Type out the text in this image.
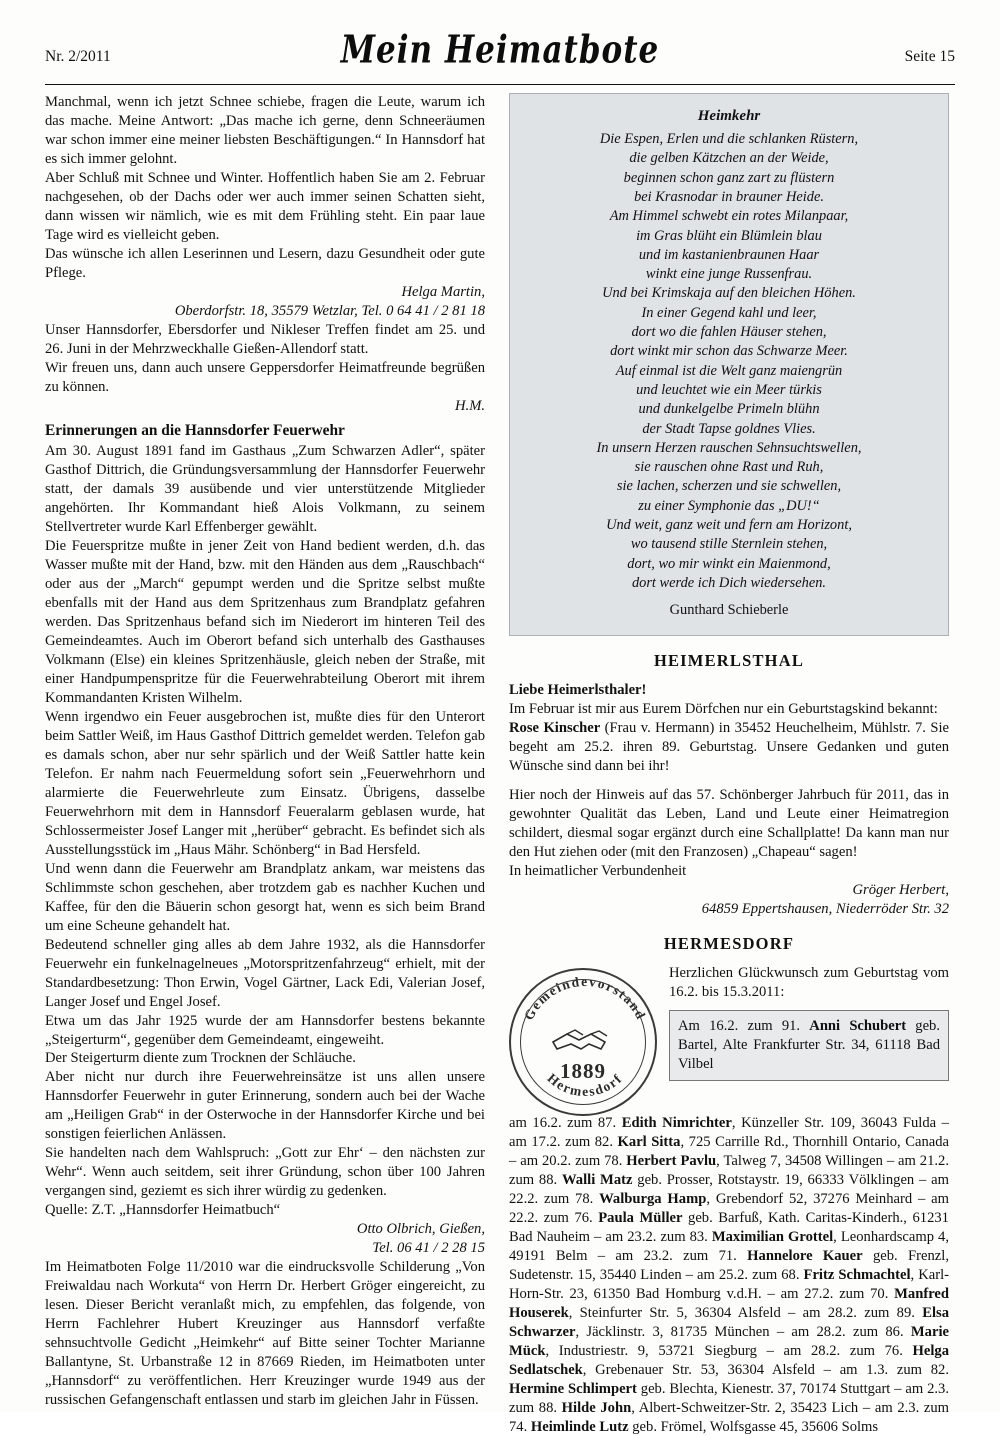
Nr. 2/2011	Mein Heimatbote	Seite 15

Manchmal, wenn ich jetzt Schnee schiebe, fragen die Leute, warum ich das mache. Meine Antwort: „Das mache ich gerne, denn Schneeräumen war schon immer eine meiner liebsten Beschäftigungen.“ In Hannsdorf hat es sich immer gelohnt.

Aber Schluß mit Schnee und Winter. Hoffentlich haben Sie am 2. Februar nachgesehen, ob der Dachs oder wer auch immer seinen Schatten sieht, dann wissen wir nämlich, wie es mit dem Frühling steht. Ein paar laue Tage wird es vielleicht geben.

Das wünsche ich allen Leserinnen und Lesern, dazu Gesundheit oder gute Pflege.

Helga Martin,

Oberdorfstr. 18, 35579 Wetzlar, Tel. 0 64 41 / 2 81 18

Unser Hannsdorfer, Ebersdorfer und Nikleser Treffen findet am 25. und 26. Juni in der Mehrzweckhalle Gießen-Allendorf statt.

Wir freuen uns, dann auch unsere Geppersdorfer Heimatfreunde begrüßen zu können.

H.M.

Erinnerungen an die Hannsdorfer Feuerwehr

Am 30. August 1891 fand im Gasthaus „Zum Schwarzen Adler“, später Gasthof Dittrich, die Gründungsversammlung der Hannsdorfer Feuerwehr statt, der damals 39 ausübende und vier unterstützende Mitglieder angehörten. Ihr Kommandant hieß Alois Volkmann, zu seinem Stellvertreter wurde Karl Effenberger gewählt.

Die Feuerspritze mußte in jener Zeit von Hand bedient werden, d.h. das Wasser mußte mit der Hand, bzw. mit den Händen aus dem „Rauschbach“ oder aus der „March“ gepumpt werden und die Spritze selbst mußte ebenfalls mit der Hand aus dem Spritzenhaus zum Brandplatz gefahren werden. Das Spritzenhaus befand sich im Niederort im hinteren Teil des Gemeindeamtes. Auch im Oberort befand sich unterhalb des Gasthauses Volkmann (Else) ein kleines Spritzenhäusle, gleich neben der Straße, mit einer Handpumpenspritze für die Feuerwehrabteilung Oberort mit ihrem Kommandanten Kristen Wilhelm.

Wenn irgendwo ein Feuer ausgebrochen ist, mußte dies für den Unterort beim Sattler Weiß, im Haus Gasthof Dittrich gemeldet werden. Telefon gab es damals schon, aber nur sehr spärlich und der Weiß Sattler hatte kein Telefon. Er nahm nach Feuermeldung sofort sein „Feuerwehrhorn und alarmierte die Feuerwehrleute zum Einsatz. Übrigens, dasselbe Feuerwehrhorn mit dem in Hannsdorf Feueralarm geblasen wurde, hat Schlossermeister Josef Langer mit „herüber“ gebracht. Es befindet sich als Ausstellungsstück im „Haus Mähr. Schönberg“ in Bad Hersfeld.

Und wenn dann die Feuerwehr am Brandplatz ankam, war meistens das Schlimmste schon geschehen, aber trotzdem gab es nachher Kuchen und Kaffee, für den die Bäuerin schon gesorgt hat, wenn es sich beim Brand um eine Scheune gehandelt hat.

Bedeutend schneller ging alles ab dem Jahre 1932, als die Hannsdorfer Feuerwehr ein funkelnagelneues „Motorspritzenfahrzeug“ erhielt, mit der Standardbesetzung: Thon Erwin, Vogel Gärtner, Lack Edi, Valerian Josef, Langer Josef und Engel Josef.

Etwa um das Jahr 1925 wurde der am Hannsdorfer bestens bekannte „Steigerturm“, gegenüber dem Gemeindeamt, eingeweiht.

Der Steigerturm diente zum Trocknen der Schläuche.

Aber nicht nur durch ihre Feuerwehreinsätze ist uns allen unsere Hannsdorfer Feuerwehr in guter Erinnerung, sondern auch bei der Wache am „Heiligen Grab“ in der Osterwoche in der Hannsdorfer Kirche und bei sonstigen feierlichen Anlässen.

Sie handelten nach dem Wahlspruch: „Gott zur Ehr‘ – den nächsten zur Wehr“. Wenn auch seitdem, seit ihrer Gründung, schon über 100 Jahren vergangen sind, geziemt es sich ihrer würdig zu gedenken.

Quelle: Z.T. „Hannsdorfer Heimatbuch“

Otto Olbrich, Gießen,

Tel. 06 41 / 2 28 15

Im Heimatboten Folge 11/2010 war die eindrucksvolle Schilderung „Von Freiwaldau nach Workuta“ von Herrn Dr. Herbert Gröger eingereicht, zu lesen. Dieser Bericht veranlaßt mich, zu empfehlen, das folgende, von Herrn Fachlehrer Hubert Kreuzinger aus Hannsdorf verfaßte sehnsuchtvolle Gedicht „Heimkehr“ auf Bitte seiner Tochter Marianne Ballantyne, St. Urbanstraße 12 in 87669 Rieden, im Heimatboten unter „Hannsdorf“ zu veröffentlichen. Herr Kreuzinger wurde 1949 aus der russischen Gefangenschaft entlassen und starb im gleichen Jahr in Füssen.

Heimkehr
Die Espen, Erlen und die schlanken Rüstern,
die gelben Kätzchen an der Weide,
beginnen schon ganz zart zu flüstern
bei Krasnodar in brauner Heide.
Am Himmel schwebt ein rotes Milanpaar,
im Gras blüht ein Blümlein blau
und im kastanienbraunen Haar
winkt eine junge Russenfrau.
Und bei Krimskaja auf den bleichen Höhen.
In einer Gegend kahl und leer,
dort wo die fahlen Häuser stehen,
dort winkt mir schon das Schwarze Meer.
Auf einmal ist die Welt ganz maiengrün
und leuchtet wie ein Meer türkis
und dunkelgelbe Primeln blühn
der Stadt Tapse goldnes Vlies.
In unsern Herzen rauschen Sehnsuchtswellen,
sie rauschen ohne Rast und Ruh,
sie lachen, scherzen und sie schwellen,
zu einer Symphonie das „DU!“
Und weit, ganz weit und fern am Horizont,
wo tausend stille Sternlein stehen,
dort, wo mir winkt ein Maienmond,
dort werde ich Dich wiedersehen.
Gunthard Schieberle
HEIMERLSTHAL

Liebe Heimerlsthaler!

Im Februar ist mir aus Eurem Dörfchen nur ein Geburtstagskind bekannt:

Rose Kinscher (Frau v. Hermann) in 35452 Heuchelheim, Mühlstr. 7. Sie begeht am 25.2. ihren 89. Geburtstag. Unsere Gedanken und guten Wünsche sind dann bei ihr!

Hier noch der Hinweis auf das 57. Schönberger Jahrbuch für 2011, das in gewohnter Qualität das Leben, Land und Leute einer Heimatregion schildert, diesmal sogar ergänzt durch eine Schallplatte! Da kann man nur den Hut ziehen oder (mit den Franzosen) „Chapeau“ sagen!

In heimatlicher Verbundenheit

Gröger Herbert,

64859 Eppertshausen, Niederröder Str. 32

HERMESDORF
Gemeindevorstand
Hermesdorf
1889

Herzlichen Glückwunsch zum Geburtstag vom 16.2. bis 15.3.2011:

Am 16.2. zum 91. Anni Schubert geb. Bartel, Alte Frankfurter Str. 34, 61118 Bad Vilbel

am 16.2. zum 87. Edith Nimrichter, Künzeller Str. 109, 36043 Fulda – am 17.2. zum 82. Karl Sitta, 725 Carrille Rd., Thornhill Ontario, Canada – am 20.2. zum 78. Herbert Pavlu, Talweg 7, 34508 Willingen – am 21.2. zum 88. Walli Matz geb. Prosser, Rotstaystr. 19, 66333 Völklingen – am 22.2. zum 78. Walburga Hamp, Grebendorf 52, 37276 Meinhard – am 22.2. zum 76. Paula Müller geb. Barfuß, Kath. Caritas-Kinderh., 61231 Bad Nauheim – am 23.2. zum 83. Maximilian Grottel, Leonhardscamp 4, 49191 Belm – am 23.2. zum 71. Hannelore Kauer geb. Frenzl, Sudetenstr. 15, 35440 Linden – am 25.2. zum 68. Fritz Schmachtel, Karl-Horn-Str. 23, 61350 Bad Homburg v.d.H. – am 27.2. zum 70. Manfred Houserek, Steinfurter Str. 5, 36304 Alsfeld – am 28.2. zum 89. Elsa Schwarzer, Jäcklinstr. 3, 81735 München – am 28.2. zum 86. Marie Mück, Industriestr. 9, 53721 Siegburg – am 28.2. zum 76. Helga Sedlatschek, Grebenauer Str. 53, 36304 Alsfeld – am 1.3. zum 82. Hermine Schlimpert geb. Blechta, Kienestr. 37, 70174 Stuttgart – am 2.3. zum 88. Hilde John, Albert-Schweitzer-Str. 2, 35423 Lich – am 2.3. zum 74. Heimlinde Lutz geb. Frömel, Wolfsgasse 45, 35606 Solms
